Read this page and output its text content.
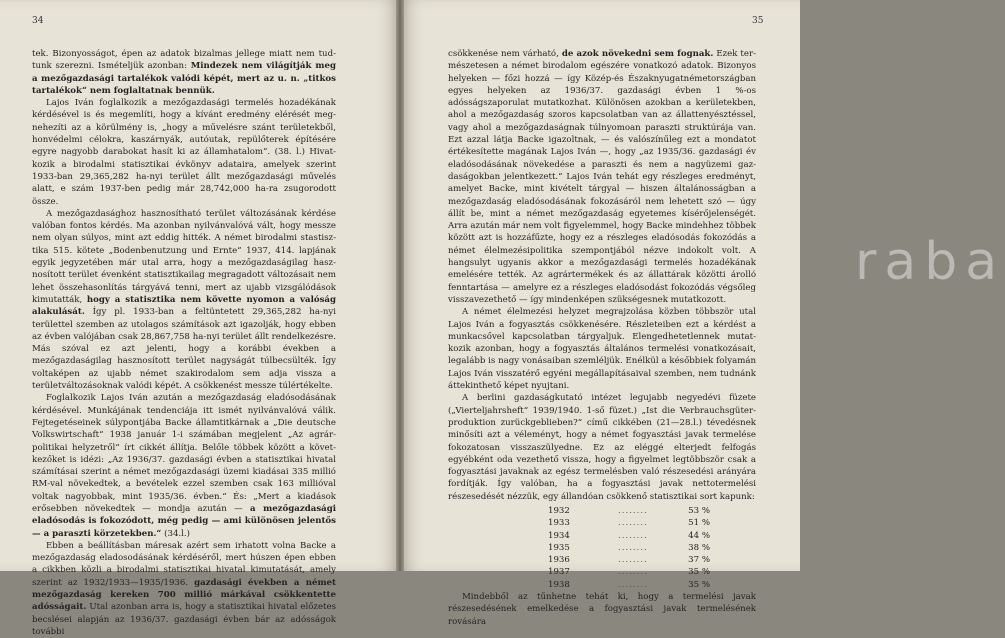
34

tek. Bizonyosságot, épen az adatok bizalmas jellege miatt nem tudtunk szerezni. Ismételjük azonban: Mindezek nem világítják meg a mezőgazdasági tartalékok valódi képét, mert az u. n. „titkos tartalékok“ nem foglaltatnak bennük.

Lajos Iván foglalkozik a mezőgazdasági termelés hozadékának kérdésével is és megemlíti, hogy a kívánt eredmény elérését megnehezíti az a körülmény is, „hogy a művelésre szánt területekből, honvédelmi célokra, kaszárnyák, autóutak, repülőterek építésére egyre nagyobb darabokat hasít ki az államhatalom“. (38. l.) Hivatkozik a birodalmi statisztikai évkönyv adataira, amelyek szerint 1933-ban 29,365,282 ha-nyi terület állt mezőgazdasági művelés alatt, e szám 1937-ben pedig már 28,742,000 ha-ra zsugorodott össze.

A mezőgazdasághoz hasznosítható terület változásának kérdése valóban fontos kérdés. Ma azonban nyilvánvalóvá vált, hogy messze nem olyan súlyos, mint azt eddig hitték. A német birodalmi stastisztika 515. kötete „Bodenbenutzung und Ernte“ 1937, 414. lapjának egyik jegyzetében már utal arra, hogy a mezőgazdaságilag hasznosított terület évenként statisztikailag megragadott változásait nem lehet összehasonlítás tárgyává tenni, mert az ujabb vizsgálódások kimutatták, hogy a statisztika nem követte nyomon a valóság alakulását. Így pl. 1933-ban a feltüntetett 29,365,282 ha-nyi területtel szemben az utolagos számítások azt igazolják, hogy ebben az évben valójában csak 28,867,758 ha-nyi terület állt rendelkezésre. Más szóval ez azt jelenti, hogy a korábbi években a mezőgazdaságilag hasznosított terület nagyságát túlbecsülték. Így voltaképen az ujabb német szakirodalom sem adja vissza a területváltozásoknak valódi képét. A csökkenést messze túlértékelte.

Foglalkozik Lajos Iván azután a mezőgazdaság eladósodásának kérdésével. Munkájának tendenciája itt ismét nyilvánvalóvá válik. Fejtegetéseinek súlypontjába Backe államtitkárnak a „Die deutsche Volkswirtschaft“ 1938 január 1-i számában megjelent „Az agrárpolitikai helyzetről“ írt cikkét állítja. Belőle többek között a következőket is idézi: „Az 1936/37. gazdasági évben a statisztikai hivatal számításai szerint a német mezőgazdasági üzemi kiadásai 335 millió RM-val növekedtek, a bevételek ezzel szemben csak 163 millióval voltak nagyobbak, mint 1935/36. évben.“ És: „Mert a kiadások erősebben növekedtek — mondja azután — a mezőgazdasági eladósodás is fokozódott, még pedig — ami különösen jelentős — a paraszti körzetekben.“ (34.l.)

Ebben a beállításban máresak azért sem irhatott volna Backe a mezőgazdaság eladosodásának kérdéséről, mert húszen épen ebben a cikkben közli a birodalmi statisztikai hivatal kimutatását, amely szerint az 1932/1933—1935/1936. gazdasági években a német mezőgazdaság kereken 700 millió márkával csökkentette adósságait. Utal azonban arra is, hogy a statisztikai hivatal előzetes becslései alapján az 1936/37. gazdasági évben bár az adósságok további

35

csökkenése nem várható, de azok növekedni sem fognak. Ezek természetesen a német birodalom egészére vonatkozó adatok. Bizonyos helyeken — főzi hozzá — így Közép-és Északnyugatnémetországban egyes helyeken az 1936/37. gazdasági évben 1 %-os adósságszaporulat mutatkozhat. Különösen azokban a kerületekben, ahol a mezőgazdaság szoros kapcsolatban van az állattenyésztéssel, vagy ahol a mezőgazdaságnak túlnyomoan paraszti struktúrája van. Ezt azzal látja Backe igazoltnak, — és valószínűleg ezt a mondatot értékesítette magának Lajos Iván —, hogy „az 1935/36. gazdasági év eladósodásának növekedése a paraszti és nem a nagyüzemi gazdaságokban jelentkezett.“ Lajos Iván tehát egy részleges eredményt, amelyet Backe, mint kivételt tárgyal — hiszen általánosságban a mezőgazdaság eladósodásának fokozásáról nem lehetett szó — úgy állít be, mint a német mezőgazdaság egyetemes kísérőjelenségét. Arra azután már nem volt figyelemmel, hogy Backe mindehhez többek között azt is hozzáfűzte, hogy ez a részleges eladósodás fokozódás a német élelmezésipolitika szempontjából nézve indokolt volt. A hangsulyt ugyanis akkor a mezőgazdasági termelés hozadékának emelésére tették. Az agrártermékek és az állattárak közötti árolló fenntartása — amelyre ez a részleges eladósodást fokozódás végsőleg visszavezethető — így mindenképen szükségesnek mutatkozott.

A német élelmezési helyzet megrajzolása közben többször utal Lajos Iván a fogyasztás csökkenésére. Részleteiben ezt a kérdést a munkacsővel kapcsolatban tárgyaljuk. Elengedhetetlennek mutatkozik azonban, hogy a fogyasztás általános termelési vonatkozásait, legalább is nagy vonásaiban szemléljük. Enélkül a későbbiek folyamán Lajos Iván visszatérő egyéni megállapításaival szemben, nem tudnánk áttekinthető képet nyujtani.

A berlini gazdaságkutató intézet legujabb negyedévi füzete („Vierteljahrsheft“ 1939/1940. 1-ső füzet.) „Ist die Verbrauchsgüterproduktion zurückgeblieben?“ című cikkében (21—28.l.) tévedésnek minősíti azt a véleményt, hogy a német fogyasztási javak termelése fokozatosan visszaszülyedne. Ez az eléggé elterjedt felfogás egyébként oda vezethető vissza, hogy a figyelmet legtöbbször csak a fogyasztási javaknak az egész termelésben való részesedési arányára fordítják. Így valóban, ha a fogyasztási javak nettotermelési részesedését nézzük, egy állandóan csökkenő statisztikai sort kapunk:

1932	........	53 %
1933	........	51 %
1934	........	44 %
1935	........	38 %
1936	........	37 %
1937	........	35 %
1938	........	35 %

Mindebből az tűnhetne tehát ki, hogy a termelési javak részesedésének emelkedése a fogyasztási javak termelésének rovására

raba
